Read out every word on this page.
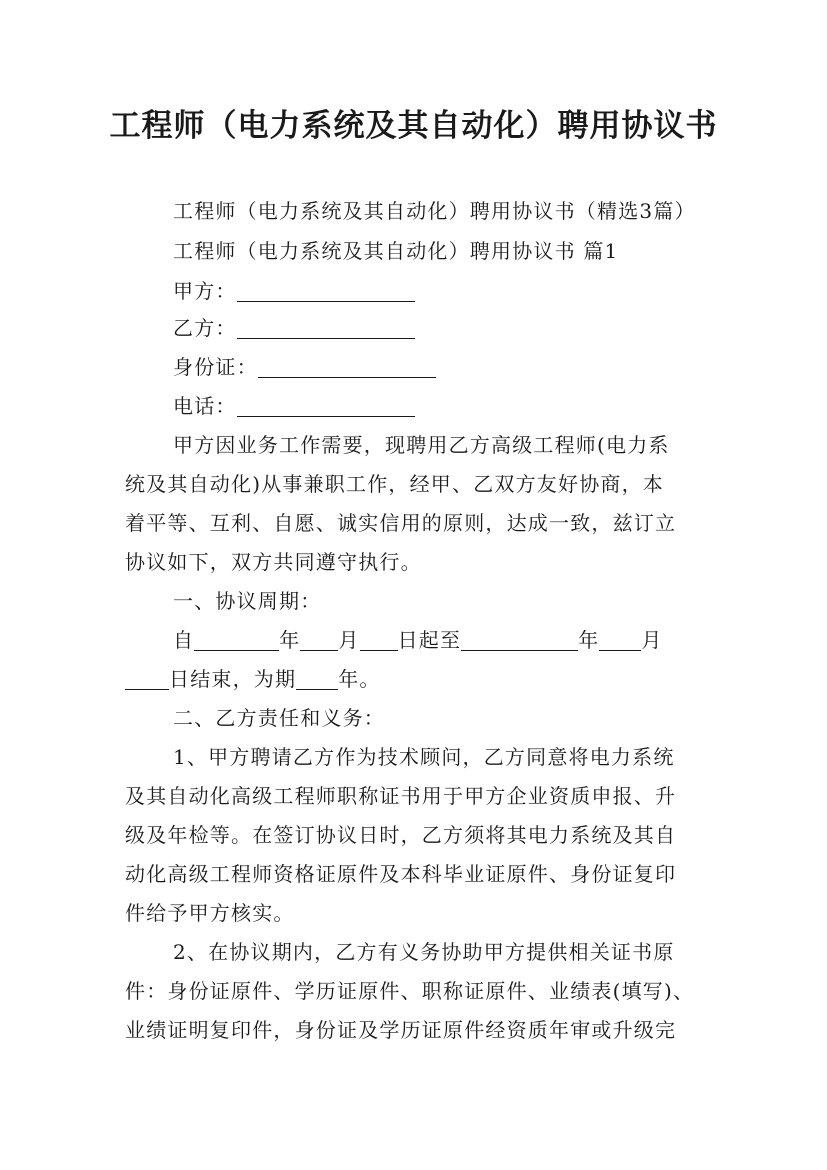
工程师（电力系统及其自动化）聘用协议书
工程师（电力系统及其自动化）聘用协议书（精选3篇）
工程师（电力系统及其自动化）聘用协议书 篇1
甲方：
乙方：
身份证：
电话：
甲方因业务工作需要，现聘用乙方高级工程师(电力系
统及其自动化)从事兼职工作，经甲、乙双方友好协商，本
着平等、互利、自愿、诚实信用的原则，达成一致，兹订立
协议如下，双方共同遵守执行。
一、协议周期：
自	年 月 日起至	年 月
日结束，为期 年。
二、乙方责任和义务：
1、甲方聘请乙方作为技术顾问，乙方同意将电力系统
及其自动化高级工程师职称证书用于甲方企业资质申报、升
级及年检等。在签订协议日时，乙方须将其电力系统及其自
动化高级工程师资格证原件及本科毕业证原件、身份证复印
件给予甲方核实。
2、在协议期内，乙方有义务协助甲方提供相关证书原
件：身份证原件、学历证原件、职称证原件、业绩表(填写)、
业绩证明复印件，身份证及学历证原件经资质年审或升级完
